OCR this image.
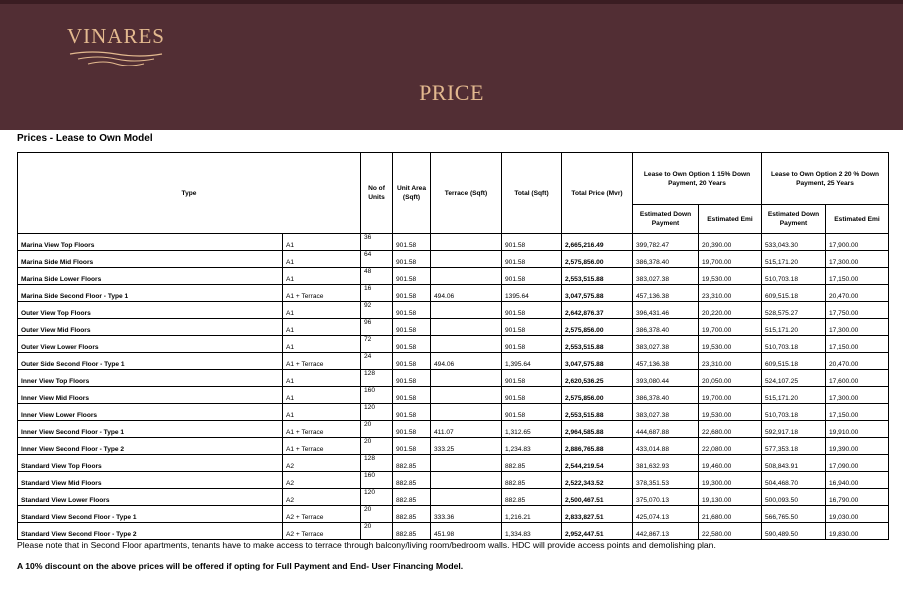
VINARES
PRICE
Prices - Lease to Own Model
Type		No of Units	Unit Area (Sqft)	Terrace (Sqft)	Total (Sqft)	Total Price (Mvr)	Lease to Own Option 1 15% Down Payment, 20 Years		Lease to Own Option 2 20 % Down Payment, 25 Years	
							Estimated Down Payment	Estimated Emi	Estimated Down Payment	Estimated Emi
Marina View Top Floors	A1	36	901.58		901.58	2,665,216.49	399,782.47	20,390.00	533,043.30	17,900.00
Marina Side Mid Floors	A1	64	901.58		901.58	2,575,856.00	386,378.40	19,700.00	515,171.20	17,300.00
Marina Side Lower Floors	A1	48	901.58		901.58	2,553,515.88	383,027.38	19,530.00	510,703.18	17,150.00
Marina Side Second Floor - Type 1	A1 + Terrace	16	901.58	494.06	1395.64	3,047,575.88	457,136.38	23,310.00	609,515.18	20,470.00
Outer View Top Floors	A1	92	901.58		901.58	2,642,876.37	396,431.46	20,220.00	528,575.27	17,750.00
Outer View Mid Floors	A1	96	901.58		901.58	2,575,856.00	386,378.40	19,700.00	515,171.20	17,300.00
Outer View Lower Floors	A1	72	901.58		901.58	2,553,515.88	383,027.38	19,530.00	510,703.18	17,150.00
Outer Side Second Floor - Type 1	A1 + Terrace	24	901.58	494.06	1,395.64	3,047,575.88	457,136.38	23,310.00	609,515.18	20,470.00
Inner View Top Floors	A1	128	901.58		901.58	2,620,536.25	393,080.44	20,050.00	524,107.25	17,600.00
Inner View Mid Floors	A1	160	901.58		901.58	2,575,856.00	386,378.40	19,700.00	515,171.20	17,300.00
Inner View Lower Floors	A1	120	901.58		901.58	2,553,515.88	383,027.38	19,530.00	510,703.18	17,150.00
Inner View Second Floor - Type 1	A1 + Terrace	20	901.58	411.07	1,312.65	2,964,585.88	444,687.88	22,680.00	592,917.18	19,910.00
Inner View Second Floor - Type 2	A1 + Terrace	20	901.58	333.25	1,234.83	2,886,765.88	433,014.88	22,080.00	577,353.18	19,390.00
Standard View Top Floors	A2	128	882.85		882.85	2,544,219.54	381,632.93	19,460.00	508,843.91	17,090.00
Standard View Mid Floors	A2	160	882.85		882.85	2,522,343.52	378,351.53	19,300.00	504,468.70	16,940.00
Standard View Lower Floors	A2	120	882.85		882.85	2,500,467.51	375,070.13	19,130.00	500,093.50	16,790.00
Standard View Second Floor - Type 1	A2 + Terrace	20	882.85	333.36	1,216.21	2,833,827.51	425,074.13	21,680.00	566,765.50	19,030.00
Standard View Second Floor - Type 2	A2 + Terrace	20	882.85	451.98	1,334.83	2,952,447.51	442,867.13	22,580.00	590,489.50	19,830.00
Please note that in Second Floor apartments, tenants have to make access to terrace through balcony/living room/bedroom walls. HDC will provide access points and demolishing plan.
A 10% discount on the above prices will be offered if opting for Full Payment and End- User Financing Model.
